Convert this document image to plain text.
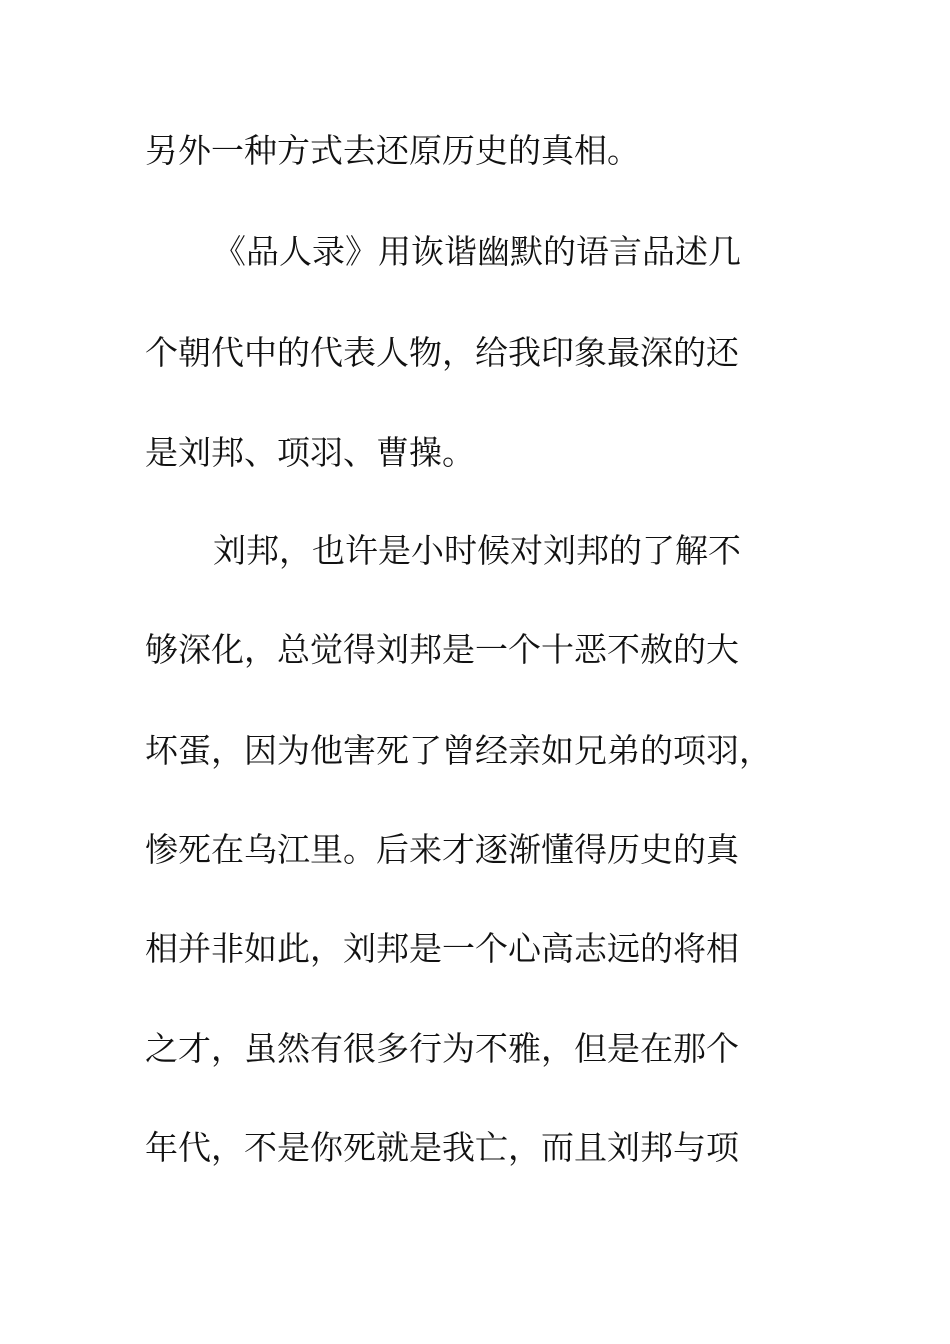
另外一种方式去还原历史的真相。

《品人录》用诙谐幽默的语言品述几

个朝代中的代表人物，给我印象最深的还

是刘邦、项羽、曹操。

刘邦，也许是小时候对刘邦的了解不

够深化，总觉得刘邦是一个十恶不赦的大

坏蛋，因为他害死了曾经亲如兄弟的项羽，

惨死在乌江里。后来才逐渐懂得历史的真

相并非如此，刘邦是一个心高志远的将相

之才，虽然有很多行为不雅，但是在那个

年代，不是你死就是我亡，而且刘邦与项
